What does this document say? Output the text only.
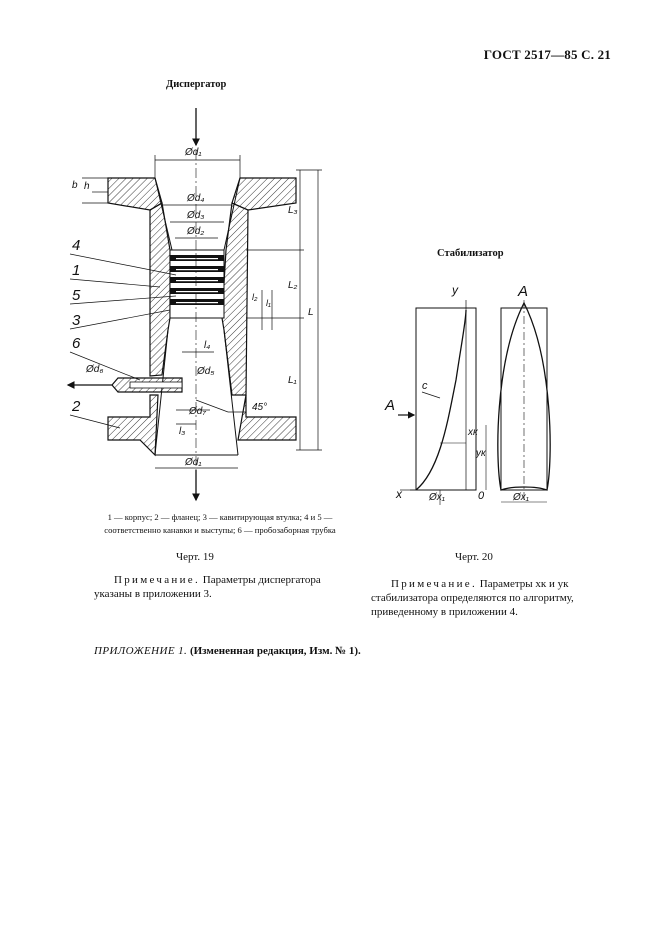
ГОСТ 2517—85 С. 21
Диспергатор
Стабилизатор
4
1
5
3
6
2
Ød₁
Ød₄
Ød₃
Ød₂
Ød₁
b h
L
L₁
L₂
L₃
l₁
l₂
l₃
l₄
Ød₅
Ød₆
Ød₇	45°
1 — корпус; 2 — фланец; 3 — кавитирующая втулка; 4 и 5 — соответственно канавки и выступы; 6 — пробозаборная трубка
Черт. 19
Примечание. Параметры диспергатора указаны в приложении 3.
y
x
A
A
c
xк
yк
0
Øx₁	Øx₁
Черт. 20
Примечание. Параметры xк и yк стабилизатора определяются по алгоритму, приведенному в приложении 4.
ПРИЛОЖЕНИЕ 1. (Измененная редакция, Изм. № 1).
